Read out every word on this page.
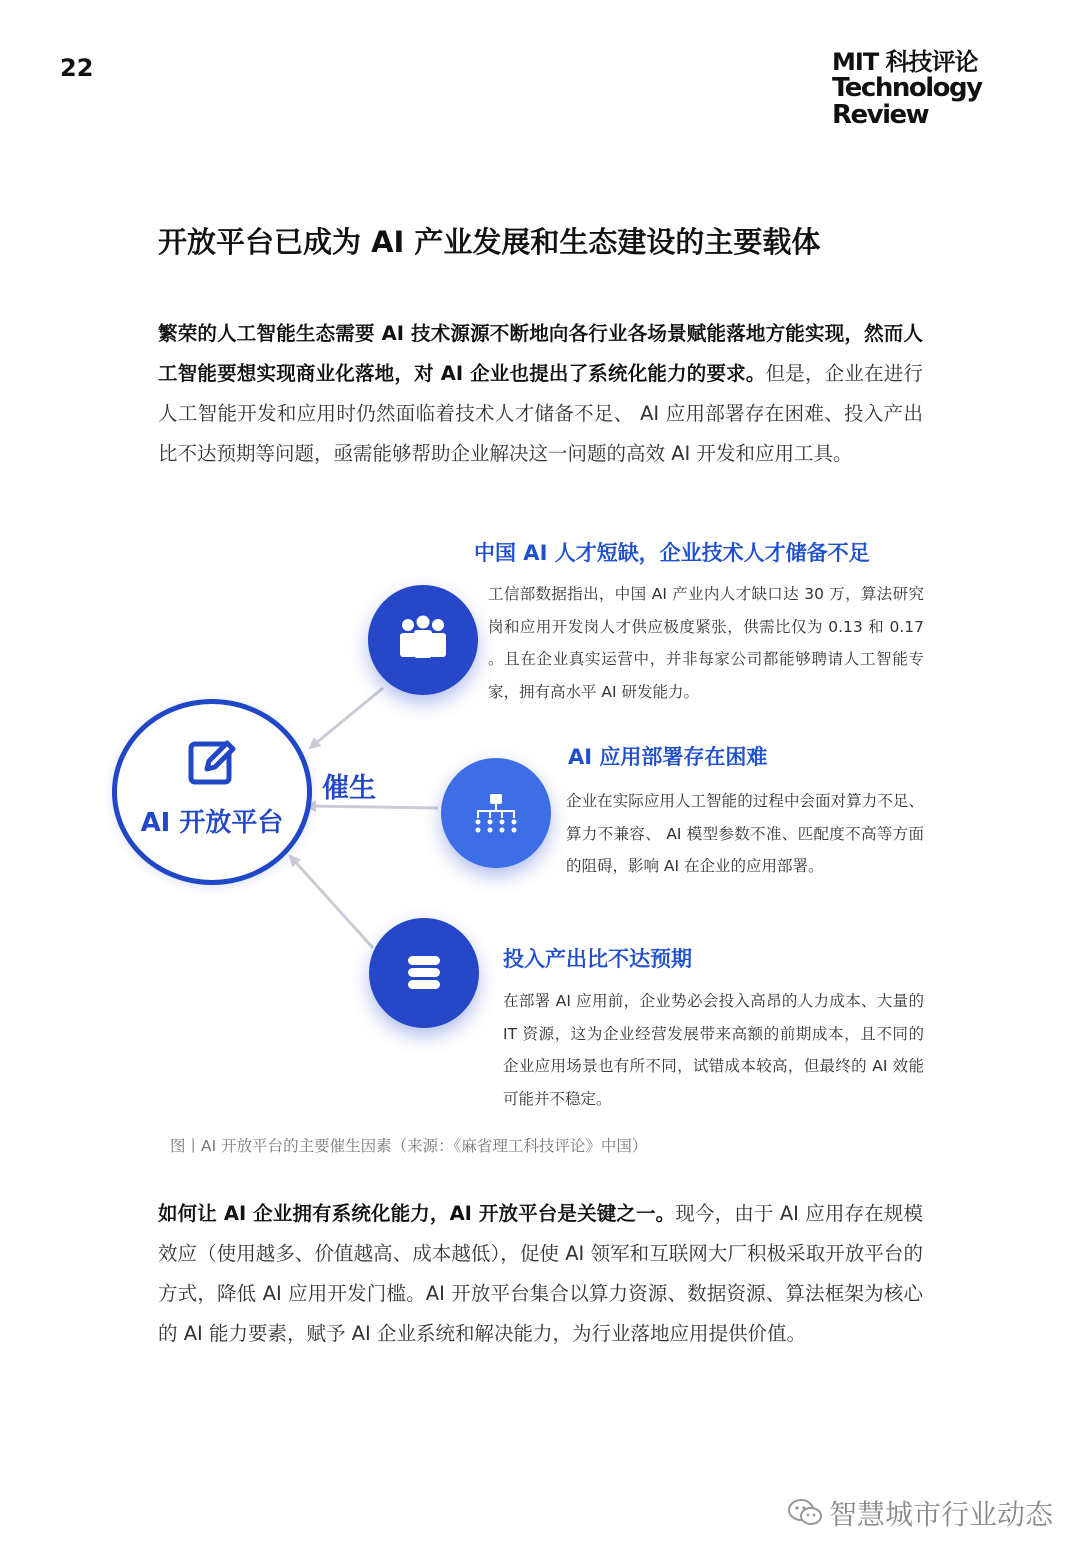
22	MIT 科技评论
Technology
Review
开放平台已成为 AI 产业发展和生态建设的主要载体
繁荣的人工智能生态需要 AI 技术源源不断地向各行业各场景赋能落地方能实现，然而人工智能要想实现商业化落地，对 AI 企业也提出了系统化能力的要求。但是，企业在进行人工智能开发和应用时仍然面临着技术人才储备不足、 AI 应用部署存在困难、投入产出比不达预期等问题，亟需能够帮助企业解决这一问题的高效 AI 开发和应用工具。
AI 开放平台
催生
中国 AI 人才短缺，企业技术人才储备不足
工信部数据指出，中国 AI 产业内人才缺口达 30 万，算法研究岗和应用开发岗人才供应极度紧张，供需比仅为 0.13 和 0.17 。且在企业真实运营中，并非每家公司都能够聘请人工智能专家，拥有高水平 AI 研发能力。
AI 应用部署存在困难
企业在实际应用人工智能的过程中会面对算力不足、算力不兼容、 AI 模型参数不准、匹配度不高等方面的阻碍，影响 AI 在企业的应用部署。
投入产出比不达预期
在部署 AI 应用前，企业势必会投入高昂的人力成本、大量的 IT 资源，这为企业经营发展带来高额的前期成本，且不同的企业应用场景也有所不同，试错成本较高，但最终的 AI 效能可能并不稳定。
图丨AI 开放平台的主要催生因素（来源：《麻省理工科技评论》中国）
如何让 AI 企业拥有系统化能力，AI 开放平台是关键之一。现今，由于 AI 应用存在规模效应（使用越多、价值越高、成本越低），促使 AI 领军和互联网大厂积极采取开放平台的方式，降低 AI 应用开发门槛。AI 开放平台集合以算力资源、数据资源、算法框架为核心的 AI 能力要素，赋予 AI 企业系统和解决能力，为行业落地应用提供价值。
智慧城市行业动态
